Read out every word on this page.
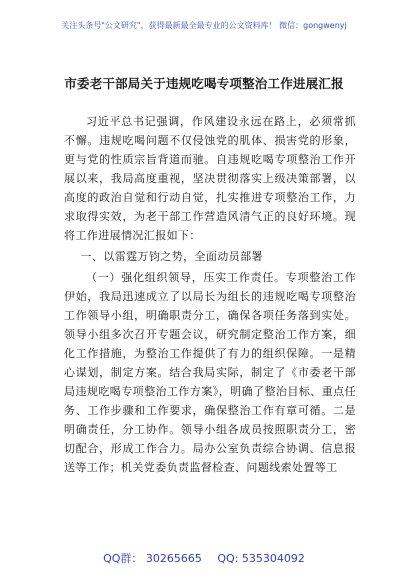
关注头条号"公文研究"，获得最新最全最专业的公文资料库！ 微信：gongwenyj
市委老干部局关于违规吃喝专项整治工作进展汇报

习近平总书记强调，作风建设永远在路上，必须常抓不懈。违规吃喝问题不仅侵蚀党的肌体、损害党的形象，更与党的性质宗旨背道而驰。自违规吃喝专项整治工作开展以来，我局高度重视，坚决贯彻落实上级决策部署，以高度的政治自觉和行动自觉，扎实推进专项整治工作，力求取得实效，为老干部工作营造风清气正的良好环境。现将工作进展情况汇报如下：

一、以雷霆万钧之势，全面动员部署

（一）强化组织领导，压实工作责任。专项整治工作伊始，我局迅速成立了以局长为组长的违规吃喝专项整治工作领导小组，明确职责分工，确保各项任务落到实处。领导小组多次召开专题会议，研究制定整治工作方案，细化工作措施，为整治工作提供了有力的组织保障。一是精心谋划，制定方案。结合我局实际，制定了《市委老干部局违规吃喝专项整治工作方案》，明确了整治目标、重点任务、工作步骤和工作要求，确保整治工作有章可循。二是明确责任，分工协作。领导小组各成员按照职责分工，密切配合，形成工作合力。局办公室负责综合协调、信息报送等工作；机关党委负责监督检查、问题线索处置等工

QQ群： 30265665 QQ: 535304092
